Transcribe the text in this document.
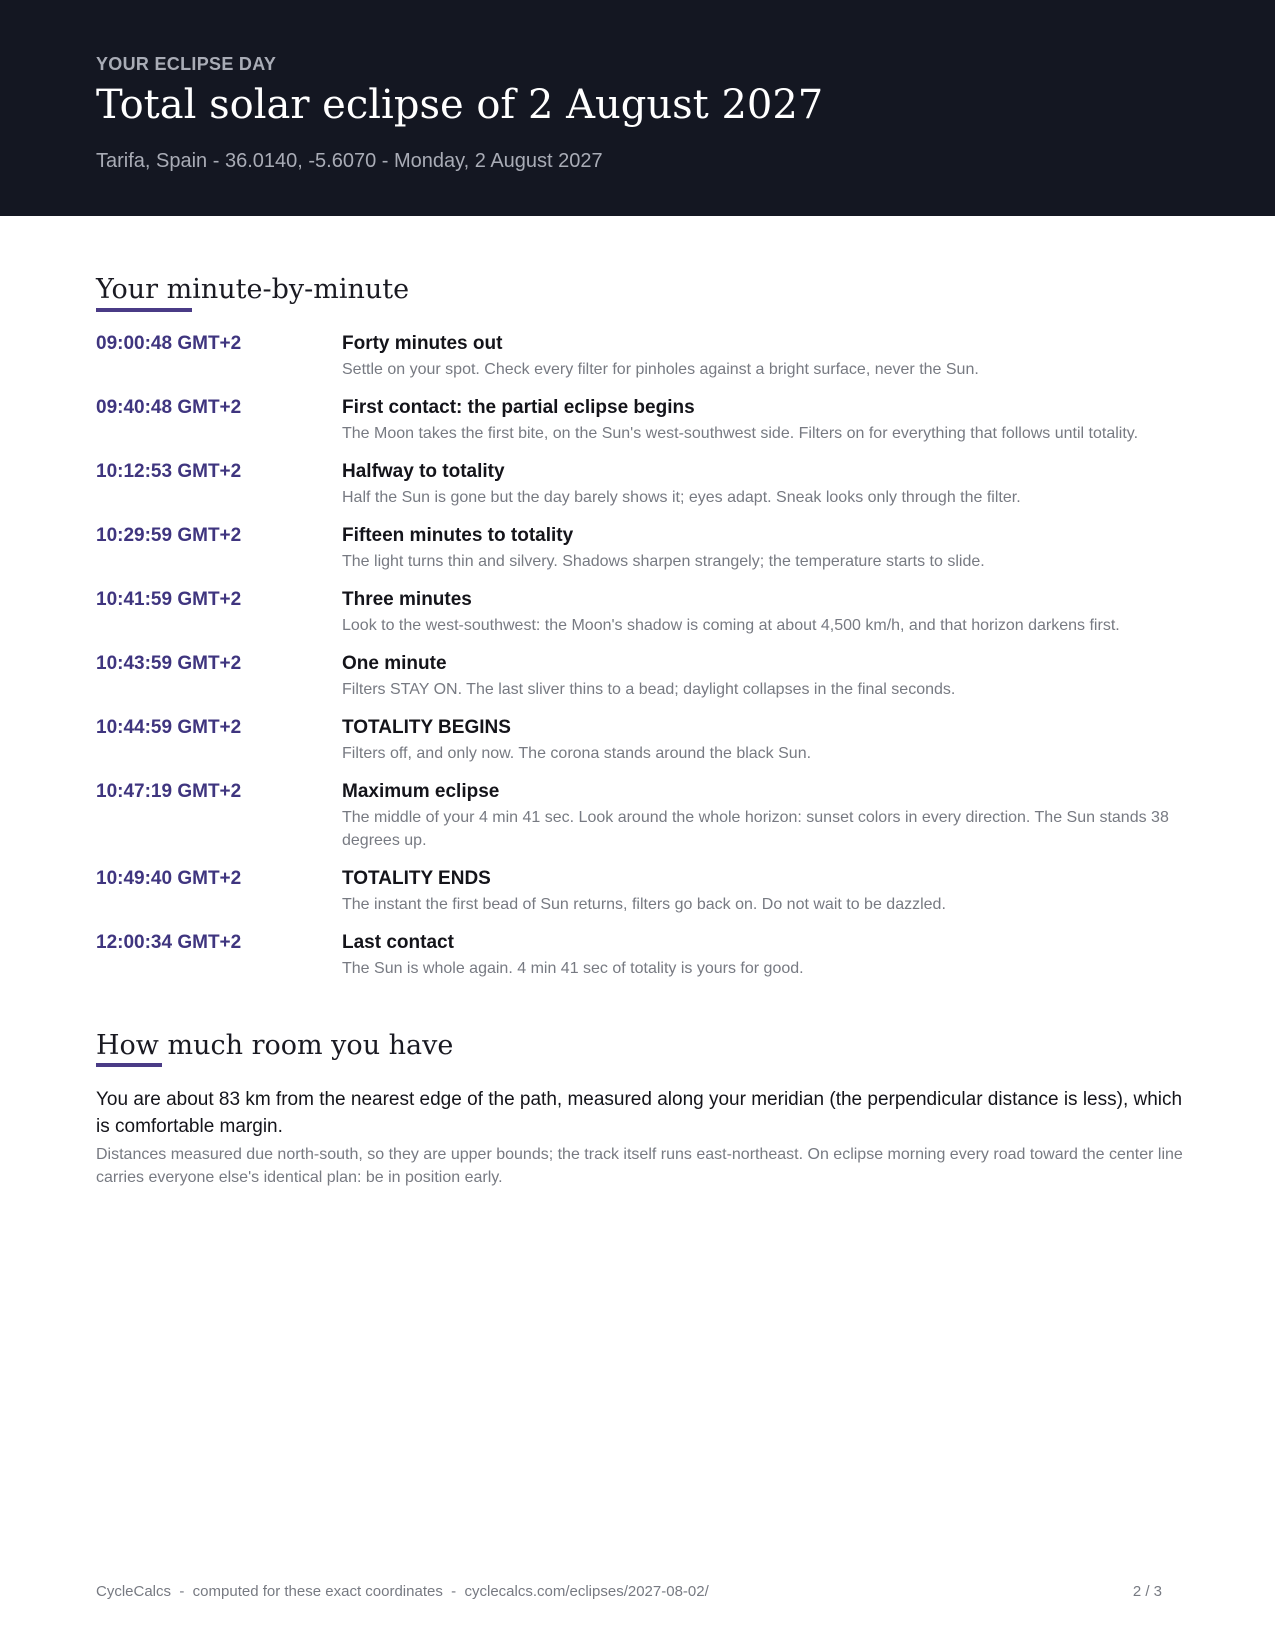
YOUR ECLIPSE DAY
Total solar eclipse of 2 August 2027
Tarifa, Spain - 36.0140, -5.6070 - Monday, 2 August 2027
Your minute-by-minute
09:00:48 GMT+2	Forty minutes out
Settle on your spot. Check every filter for pinholes against a bright surface, never the Sun.
09:40:48 GMT+2	First contact: the partial eclipse begins
The Moon takes the first bite, on the Sun's west-southwest side. Filters on for everything that follows until totality.
10:12:53 GMT+2	Halfway to totality
Half the Sun is gone but the day barely shows it; eyes adapt. Sneak looks only through the filter.
10:29:59 GMT+2	Fifteen minutes to totality
The light turns thin and silvery. Shadows sharpen strangely; the temperature starts to slide.
10:41:59 GMT+2	Three minutes
Look to the west-southwest: the Moon's shadow is coming at about 4,500 km/h, and that horizon darkens first.
10:43:59 GMT+2	One minute
Filters STAY ON. The last sliver thins to a bead; daylight collapses in the final seconds.
10:44:59 GMT+2	TOTALITY BEGINS
Filters off, and only now. The corona stands around the black Sun.
10:47:19 GMT+2	Maximum eclipse
The middle of your 4 min 41 sec. Look around the whole horizon: sunset colors in every direction. The Sun stands 38 degrees up.
10:49:40 GMT+2	TOTALITY ENDS
The instant the first bead of Sun returns, filters go back on. Do not wait to be dazzled.
12:00:34 GMT+2	Last contact
The Sun is whole again. 4 min 41 sec of totality is yours for good.
How much room you have

You are about 83 km from the nearest edge of the path, measured along your meridian (the perpendicular distance is less), which is comfortable margin.

Distances measured due north-south, so they are upper bounds; the track itself runs east-northeast. On eclipse morning every road toward the center line carries everyone else's identical plan: be in position early.

CycleCalcs  -  computed for these exact coordinates  -  cyclecalcs.com/eclipses/2027-08-02/	2 / 3
